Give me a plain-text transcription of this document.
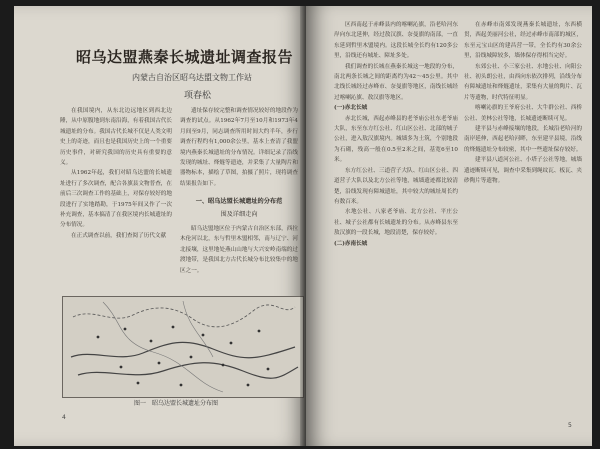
昭乌达盟燕秦长城遗址调查报告
内蒙古自治区昭乌达盟文物工作站
项春松

在我国境内，从东北边远地区到西北边陲，从中原腹地到东南沿海，有着我国古代长城遗址的分布。我国古代长城不仅是人类文明史上的奇迹，而且也是我国历史上的一个重要历史事件，对研究我国的历史具有重要的意义。

从1962年起，我们对昭乌达盟的长城遗址进行了多次调查，配合各旗县文物普查，在前后三次调查工作的基础上，对保存较好的地段进行了实地踏勘，于1975年间又作了一次补充调查，基本搞清了在我区境内长城遗址的分布情况。

在正式调查以前，我们查阅了历代文献

遗址保存较完整和调查情况较好的地段作为调查的试点。从1962年7月至10月和1973年4月间至9月，同志调查所用时间大约半年，步行调查行程约有1,000余公里，基本上查清了我盟境内燕秦长城遗址的分布情况。详细记录了沿线发现的城址、烽燧等遗迹，并采集了大量陶片和器物标本，描绘了草图，拍摄了照片，现将调查结果报告如下。

一、昭乌达盟长城遗址的分布范
围及详细走向

昭乌达盟地区位于内蒙古自治区东部，西拉木伦河以北，东与哲里木盟相邻，南与辽宁、河北接壤，这里地处燕山山地与大兴安岭南端的过渡地带，是我国北方古代长城分布比较集中的地区之一。

图一　昭乌达盟长城遗址分布图
4

区西南起于赤峰县内的喀喇沁旗，沿老哈河东岸向东北延伸，经过敖汉旗、奈曼旗的南部，一直东延到哲里木盟境内。这段长城全长约有120多公里，沿线还有城址、障址多处。

我们调查的长城在燕秦长城这一地段的分布，南北两条长城之间的距离约为42～45公里。其中北线长城经过赤峰市、奈曼旗等地区，南线长城经过喀喇沁旗、敖汉旗等地区。

(一)赤北长城

赤北长城，西起赤峰县的老爷庙公社东老爷庙大队，东至东方红公社、红山区公社、北部的城子公社，进入敖汉旗境内。城墙多为土筑，个别地段为石砌，残高一般在0.5至2米之间，基宽6至10米。

东方红公社、三道营子大队、红山区公社、四道营子大队以及北方公社等地，城墙遗迹都比较清楚，沿线发现有障城遗址，其中较大的城址周长约有数百米。

水地公社、八家老爷庙、北方公社、平庄公社、城子公社都有长城遗址的分布。从赤峰县东至敖汉旗的一段长城，地段清楚，保存较好。

(二)赤南长城

在赤峰市南郊发现燕秦长城遗址，东西横贯，西起美丽河公社，经过赤峰市南部的城区，东至元宝山区的建昌营一带，全长约有30余公里，沿线城障较多，墙体保存得相当完好。

东郊公社、小三家公社、水地公社、向阳公社、初头朗公社，由西向东依次排列，沿线分布有障城遗址和烽燧遗址，采集有大量的陶片、瓦片等遗物，时代特征明显。

喀喇沁旗的王爷府公社、大牛群公社、西桥公社、美林公社等地，长城遗迹断续可见。

建平县与赤峰接壤的地段，长城沿老哈河的南岸延伸，西起老哈河畔，东至建平县境，沿线的烽燧遗址分布较密，其中一些遗址保存较好。

建平县八道河公社、小塔子公社等地，城墙遗迹断续可见，调查中采集到绳纹瓦、板瓦、夹砂陶片等遗物。

5
